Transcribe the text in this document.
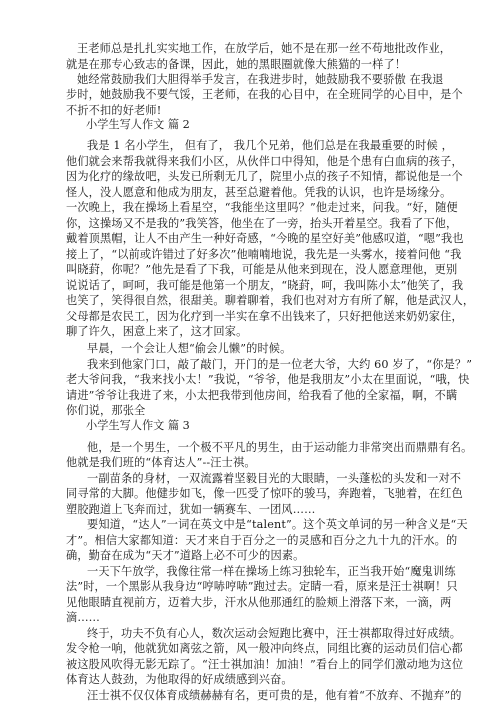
王老师总是扎扎实实地工作，在放学后，她不是在那一丝不苟地批改作业，
就是在那专心致志的备课，因此，她的黑眼圈就像大熊猫的一样了！

她经常鼓励我们大胆得举手发言，在我进步时，她鼓励我不要骄傲 在我退
步时，她鼓励我不要气馁，王老师，在我的心目中，在全班同学的心目中，是个
不折不扣的好老师!

小学生写人作文 篇 2

我是 1 名小学生， 但有了， 我几个兄弟，他们总是在我最重要的时候 ，
他们就会来帮我就得来我们小区，从伙伴口中得知，他是个患有白血病的孩子，
因为化疗的缘故吧，头发已所剩无几了，院里小点的孩子不知情，都说他是一个
怪人，没人愿意和他成为朋友，甚至总避着他。凭我的认识，也许是场缘分。
一次晚上，我在操场上看星空，“我能坐这里吗？”他走过来，问我。“好，随便
你，这操场又不是我的”我笑答，他坐在了一旁，抬头开着星空。我看了下他，
戴着顶黑帽，让人不由产生一种好奇感，“今晚的星空好美”他感叹道，“嗯”我也
接上了，“以前或许错过了好多次”他喃喃地说，我先是一头雾水，接着问他 “我
叫晓葑，你呢？”他先是看了下我，可能是从他来到现在，没人愿意理他，更别
说说话了，呵呵，我可能是他第一个朋友，“晓葑，呵，我叫陈小太”他笑了，我
也笑了，笑得很自然，很甜美。聊着聊着，我们也对对方有所了解，他是武汉人，
父母都是农民工，因为化疗到一半实在拿不出钱来了，只好把他送来奶奶家住，
聊了许久，困意上来了，这才回家。

早晨，一个会让人想“偷会儿懒”的时候。

我来到他家门口，敲了敲门，开门的是一位老大爷，大约 60 岁了，“你是？”
老大爷问我，“我来找小太！”我说，“爷爷，他是我朋友”小太在里面说，“哦，快
请进”爷爷让我进了来，小太把我带到他房间，给我看了他的全家福，啊，不瞒
你们说，那张全

小学生写人作文 篇 3

他，是一个男生，一个极不平凡的男生，由于运动能力非常突出而鼎鼎有名。
他就是我们班的“体育达人”--汪士祺。

一副苗条的身材，一双流露着坚毅目光的大眼睛，一头蓬松的头发和一对不
同寻常的大脚。他健步如飞，像一匹受了惊吓的骏马，奔跑着，飞驰着，在红色
塑胶跑道上飞奔而过，犹如一辆赛车、一团风……

要知道，“达人”一词在英文中是“talent”。这个英文单词的另一种含义是“天
才”。相信大家都知道：天才来自于百分之一的灵感和百分之九十九的汗水。的
确，勤奋在成为“天才”道路上必不可少的因素。

一天下午放学，我像往常一样在操场上练习独轮车，正当我开始“魔鬼训练
法”时，一个黑影从我身边“哼哧哼哧”跑过去。定睛一看，原来是汪士祺啊！只
见他眼睛直视前方，迈着大步，汗水从他那通红的脸颊上滑落下来，一滴，两
滴……

终于，功夫不负有心人，数次运动会短跑比赛中，汪士祺都取得过好成绩。
发令枪一响，他就犹如离弦之箭，风一般冲向终点，同组比赛的运动员们信心都
被这股风吹得无影无踪了。“汪士祺加油！加油！”看台上的同学们激动地为这位
体育达人鼓劲，为他取得的好成绩感到兴奋。

汪士祺不仅仅体育成绩赫赫有名，更可贵的是，他有着“不放弃、不抛弃”的
